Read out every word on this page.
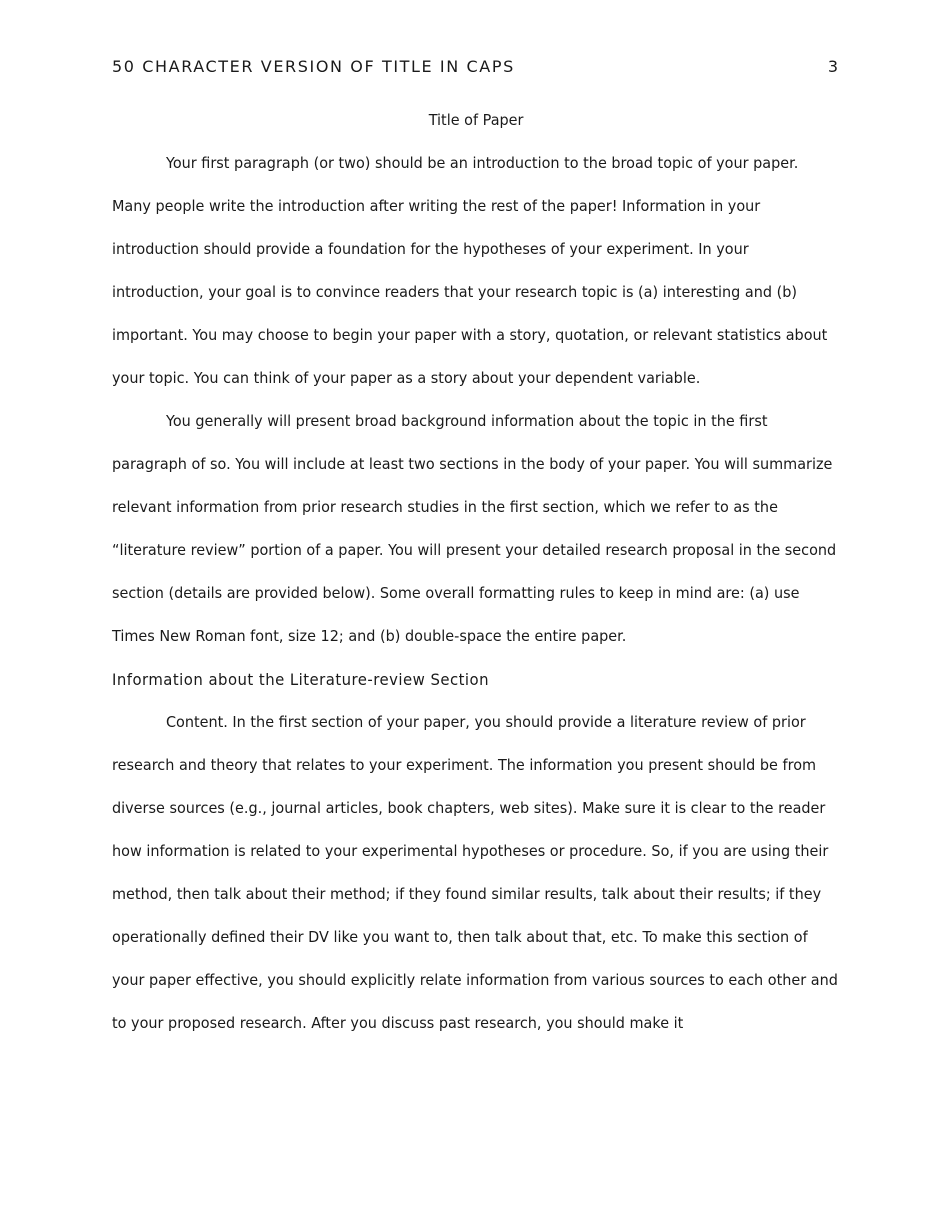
50 CHARACTER VERSION OF TITLE IN CAPS	3

Title of Paper

Your first paragraph (or two) should be an introduction to the broad topic of your paper. Many people write the introduction after writing the rest of the paper! Information in your introduction should provide a foundation for the hypotheses of your experiment. In your introduction, your goal is to convince readers that your research topic is (a) interesting and (b) important. You may choose to begin your paper with a story, quotation, or relevant statistics about your topic. You can think of your paper as a story about your dependent variable.

You generally will present broad background information about the topic in the first paragraph of so. You will include at least two sections in the body of your paper. You will summarize relevant information from prior research studies in the first section, which we refer to as the “literature review” portion of a paper. You will present your detailed research proposal in the second section (details are provided below). Some overall formatting rules to keep in mind are: (a) use Times New Roman font, size 12; and (b) double-space the entire paper.

Information about the Literature-review Section

Content. In the first section of your paper, you should provide a literature review of prior research and theory that relates to your experiment. The information you present should be from diverse sources (e.g., journal articles, book chapters, web sites). Make sure it is clear to the reader how information is related to your experimental hypotheses or procedure. So, if you are using their method, then talk about their method; if they found similar results, talk about their results; if they operationally defined their DV like you want to, then talk about that, etc. To make this section of your paper effective, you should explicitly relate information from various sources to each other and to your proposed research. After you discuss past research, you should make it
